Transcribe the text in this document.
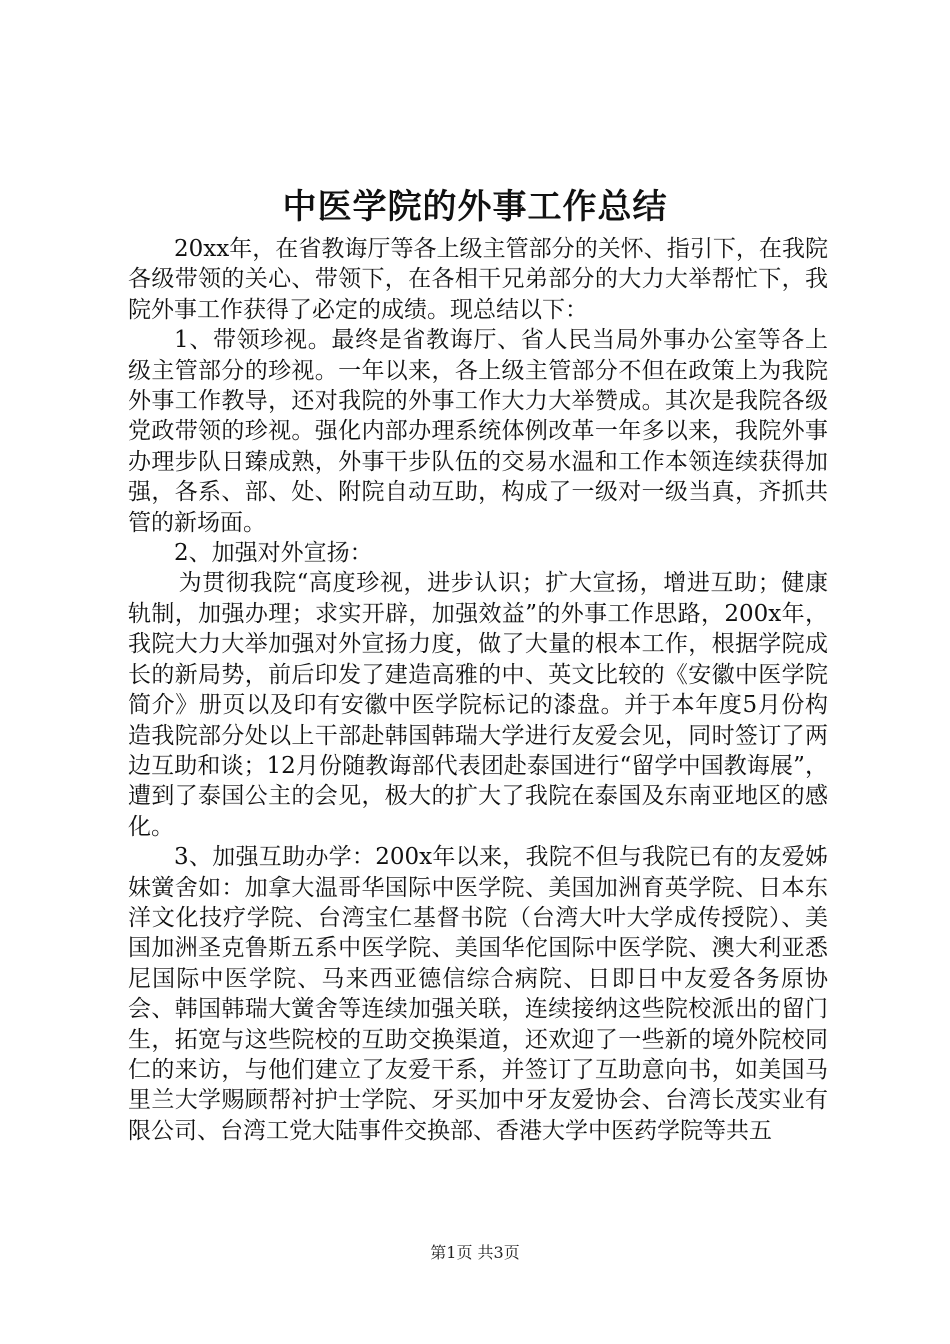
中医学院的外事工作总结

20xx年，在省教诲厅等各上级主管部分的关怀、指引下，在我院各级带领的关心、带领下，在各相干兄弟部分的大力大举帮忙下，我院外事工作获得了必定的成绩。现总结以下：

1、带领珍视。最终是省教诲厅、省人民当局外事办公室等各上级主管部分的珍视。一年以来，各上级主管部分不但在政策上为我院外事工作教导，还对我院的外事工作大力大举赞成。其次是我院各级党政带领的珍视。强化内部办理系统体例改革一年多以来，我院外事办理步队日臻成熟，外事干步队伍的交易水温和工作本领连续获得加强，各系、部、处、附院自动互助，构成了一级对一级当真，齐抓共管的新场面。

2、加强对外宣扬：

为贯彻我院“高度珍视，进步认识；扩大宣扬，增进互助；健康轨制，加强办理；求实开辟，加强效益”的外事工作思路，200x年，我院大力大举加强对外宣扬力度，做了大量的根本工作，根据学院成长的新局势，前后印发了建造高雅的中、英文比较的《安徽中医学院简介》册页以及印有安徽中医学院标记的漆盘。并于本年度5月份构造我院部分处以上干部赴韩国韩瑞大学进行友爱会见，同时签订了两边互助和谈；12月份随教诲部代表团赴泰国进行“留学中国教诲展”，遭到了泰国公主的会见，极大的扩大了我院在泰国及东南亚地区的感化。

3、加强互助办学：200x年以来，我院不但与我院已有的友爱姊妹黉舍如：加拿大温哥华国际中医学院、美国加洲育英学院、日本东洋文化技疗学院、台湾宝仁基督书院（台湾大叶大学成传授院）、美国加洲圣克鲁斯五系中医学院、美国华佗国际中医学院、澳大利亚悉尼国际中医学院、马来西亚德信综合病院、日即日中友爱各务原协会、韩国韩瑞大黉舍等连续加强关联，连续接纳这些院校派出的留门生，拓宽与这些院校的互助交换渠道，还欢迎了一些新的境外院校同仁的来访，与他们建立了友爱干系，并签订了互助意向书，如美国马里兰大学赐顾帮衬护士学院、牙买加中牙友爱协会、台湾长茂实业有限公司、台湾工党大陆事件交换部、香港大学中医药学院等共五

第1页 共3页
